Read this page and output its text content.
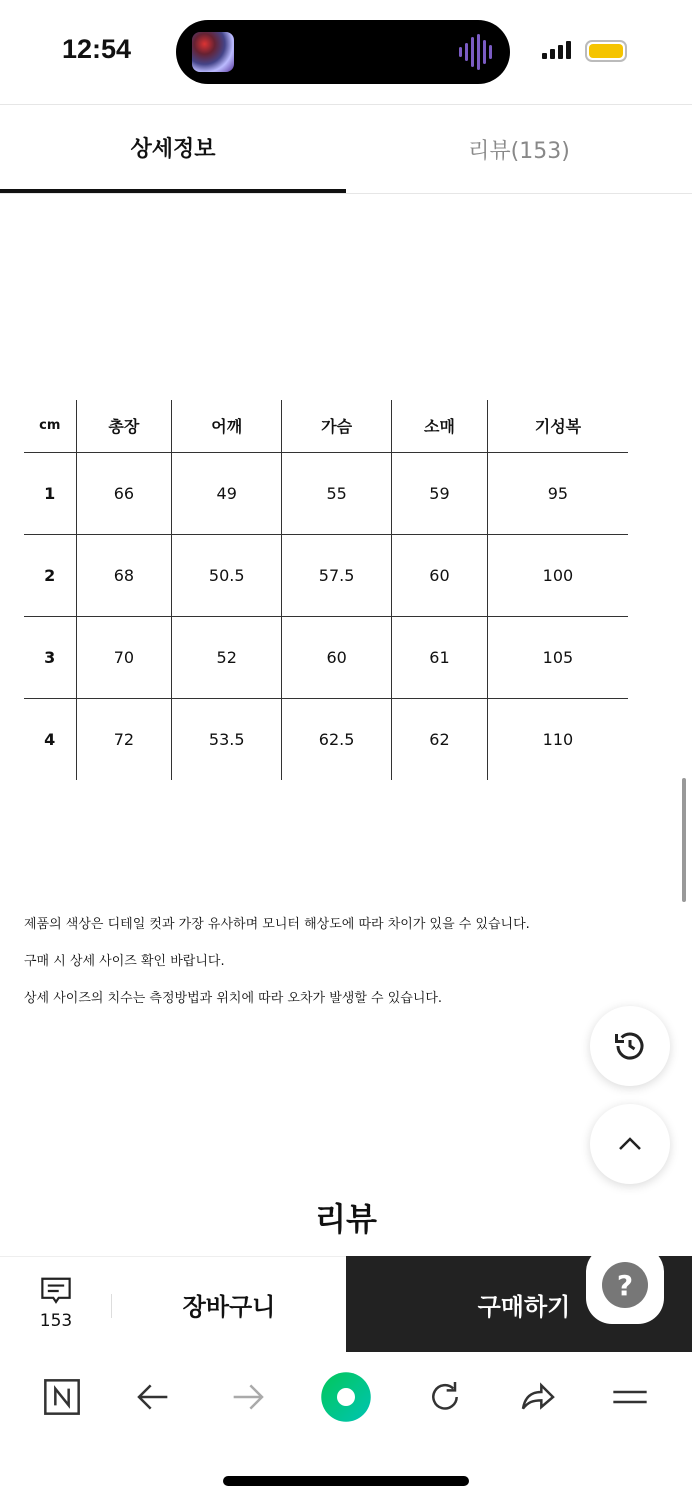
12:54
상세정보	리뷰(153)
cm	총장	어깨	가슴	소매	기성복
1	66	49	55	59	95
2	68	50.5	57.5	60	100
3	70	52	60	61	105
4	72	53.5	62.5	62	110
제품의 색상은 디테일 컷과 가장 유사하며 모니터 해상도에 따라 차이가 있을 수 있습니다.
구매 시 상세 사이즈 확인 바랍니다.
상세 사이즈의 치수는 측정방법과 위치에 따라 오차가 발생할 수 있습니다.
리뷰
153
장바구니	구매하기
?
